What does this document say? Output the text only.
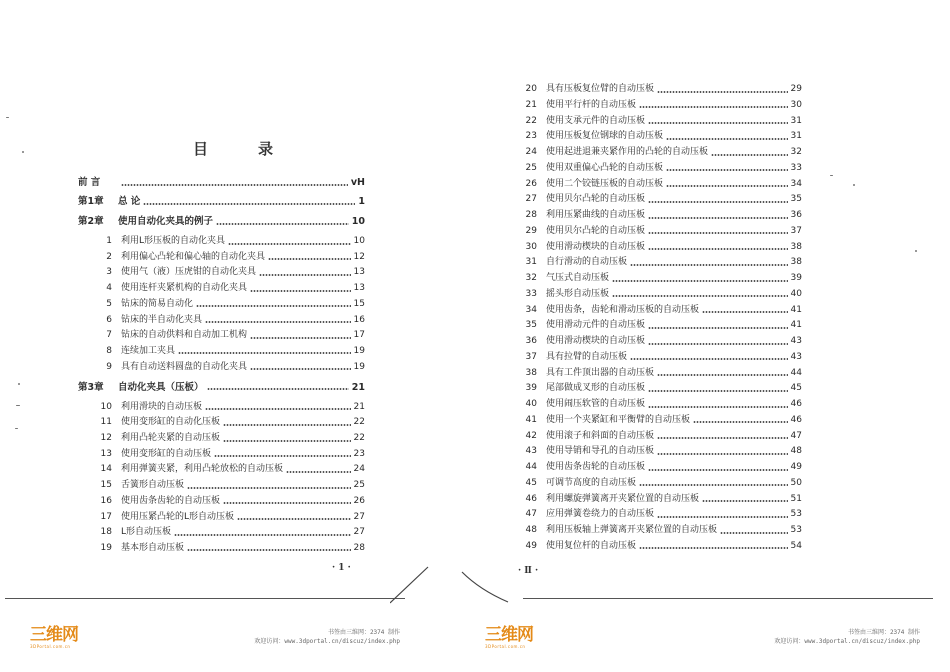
目	录
前 言	vH
第1章	总 论	1
第2章	使用自动化夹具的例子	10
1 利用L形压板的自动化夹具	10
2 利用偏心凸轮和偏心轴的自动化夹具	12
3 使用气（液）压虎钳的自动化夹具	13
4 使用连杆夹紧机构的自动化夹具	13
5 钻床的简易自动化	15
6 钻床的半自动化夹具	16
7 钻床的自动供料和自动加工机构	17
8 连续加工夹具	19
9 具有自动送料圆盘的自动化夹具	19
第3章	自动化夹具（压板）	21
10 利用滑块的自动压板	21
11 使用变形缸的自动化压板	22
12 利用凸轮夹紧的自动压板	22
13 使用变形缸的自动压板	23
14 利用弹簧夹紧，利用凸轮放松的自动压板	24
15 舌簧形自动压板	25
16 使用齿条齿轮的自动压板	26
17 使用压紧凸轮的L形自动压板	27
18 L形自动压板	27
19 基本形自动压板	28
· 1 ·
三维网
3DPortal.com.cn
书签由三维网：2374 制作
欢迎访问：www.3dportal.cn/discuz/index.php
20 具有压板复位臂的自动压板	29
21 使用平行杆的自动压板	30
22 使用支承元件的自动压板	31
23 使用压板复位钢球的自动压板	31
24 使用起进退兼夹紧作用的凸轮的自动压板	32
25 使用双重偏心凸轮的自动压板	33
26 使用二个铰链压板的自动压板	34
27 使用贝尔凸轮的自动压板	35
28 利用压紧曲线的自动压板	36
29 使用贝尔凸轮的自动压板	37
30 使用滑动楔块的自动压板	38
31 自行滑动的自动压板	38
32 气压式自动压板	39
33 摇头形自动压板	40
34 使用齿条，齿轮和滑动压板的自动压板	41
35 使用滑动元件的自动压板	41
36 使用滑动楔块的自动压板	43
37 具有拉臂的自动压板	43
38 具有工件顶出器的自动压板	44
39 尾部做成叉形的自动压板	45
40 使用闹压软管的自动压板	46
41 使用一个夹紧缸和平衡臂的自动压板	46
42 使用滚子和斜面的自动压板	47
43 使用导销和导孔的自动压板	48
44 使用齿条齿轮的自动压板	49
45 可调节高度的自动压板	50
46 利用螺旋弹簧离开夹紧位置的自动压板	51
47 应用弹簧卷绕力的自动压板	53
48 利用压板轴上弹簧离开夹紧位置的自动压板	53
49 使用复位杆的自动压板	54
· Ⅱ ·
三维网
3DPortal.com.cn
书签由三维网：2374 制作
欢迎访问：www.3dportal.cn/discuz/index.php
